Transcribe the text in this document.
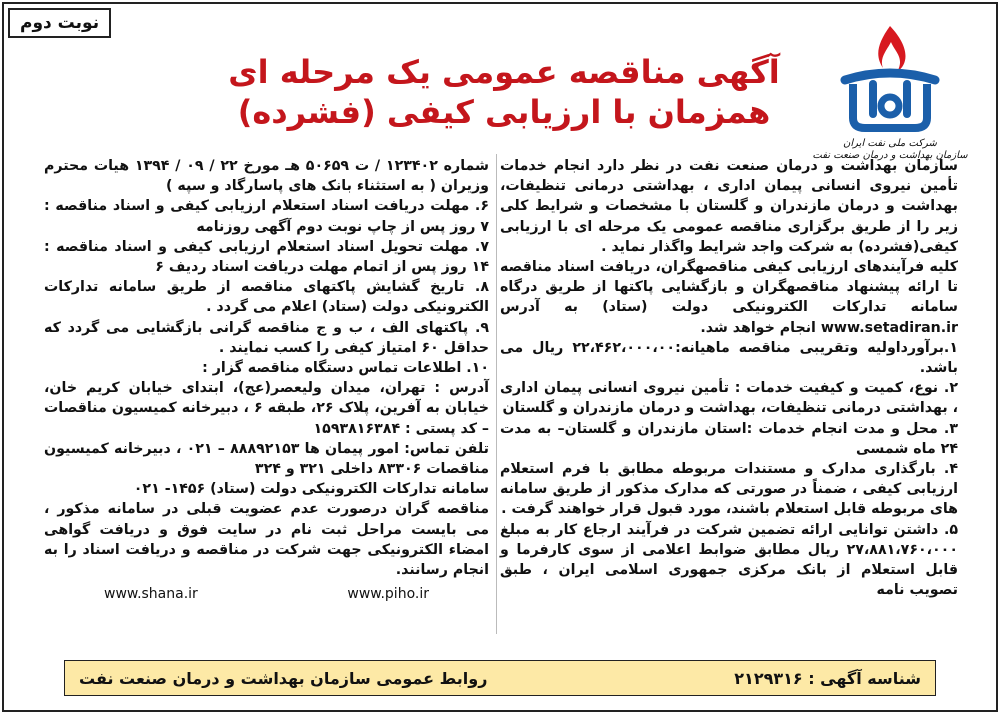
نوبت دوم
شرکت ملی نفت ایران
سازمان بهداشت و درمان صنعت نفت
آگهی مناقصه عمومی یک مرحله ای
همزمان با ارزیابی کیفی (فشرده)

سازمان بهداشت و درمان صنعت نفت در نظر دارد انجام خدمات تأمین نیروی انسانی پیمان اداری ، بهداشتی درمانی تنظیفات، بهداشت و درمان مازندران و گلستان با مشخصات و شرایط کلی زیر را از طریق برگزاری مناقصه عمومی یک مرحله ای با ارزیابی کیفی(فشرده) به شرکت واجد شرایط واگذار نماید .

کلیه فرآیندهای ارزیابی کیفی مناقصهگران، دریافت اسناد مناقصه تا ارائه پیشنهاد مناقصهگران و بازگشایی پاکتها از طریق درگاه سامانه تدارکات الکترونیکی دولت (ستاد) به آدرس www.setadiran.ir انجام خواهد شد.

۱.برآورداولیه وتقریبی مناقصه ماهیانه:۲۲،۴۶۲،۰۰۰،۰۰ ریال می باشد.

۲. نوع، کمیت و کیفیت خدمات : تأمین نیروی انسانی پیمان اداری ، بهداشتی درمانی تنظیفات، بهداشت و درمان مازندران و گلستان

۳. محل و مدت انجام خدمات :استان مازندران و گلستان– به مدت ۲۴ ماه شمسی

۴. بارگذاری مدارک و مستندات مربوطه مطابق با فرم استعلام ارزیابی کیفی ، ضمناً در صورتی که مدارک مذکور از طریق سامانه های مربوطه قابل استعلام باشند، مورد قبول قرار خواهند گرفت .

۵. داشتن توانایی ارائه تضمین شرکت در فرآیند ارجاع کار به مبلغ ۲۷،۸۸۱،۷۶۰،۰۰۰ ریال مطابق ضوابط اعلامی از سوی کارفرما و قابل استعلام از بانک مرکزی جمهوری اسلامی ایران ، طبق تصویب نامه

شماره ۱۲۳۴۰۲ / ت ۵۰۶۵۹ هـ مورخ ۲۲ / ۰۹ / ۱۳۹۴ هیات محترم وزیران ( به استثناء بانک های پاسارگاد و سپه )

۶. مهلت دریافت اسناد استعلام ارزیابی کیفی و اسناد مناقصه : ۷ روز پس از چاپ نوبت دوم آگهی روزنامه

۷. مهلت تحویل اسناد استعلام ارزیابی کیفی و اسناد مناقصه : ۱۴ روز پس از اتمام مهلت دریافت اسناد ردیف ۶

۸. تاریخ گشایش پاکتهای مناقصه از طریق سامانه تدارکات الکترونیکی دولت (ستاد) اعلام می گردد .

۹. پاکتهای الف ، ب و ج مناقصه گرانی بازگشایی می گردد که حداقل ۶۰ امتیاز کیفی را کسب نمایند .

۱۰. اطلاعات تماس دستگاه مناقصه گزار :

آدرس : تهران، میدان ولیعصر(عج)، ابتدای خیابان کریم خان، خیابان به آفرین، پلاک ۲۶، طبقه ۶ ، دبیرخانه کمیسیون مناقصات – کد پستی : ۱۵۹۳۸۱۶۳۸۴

تلفن تماس: امور پیمان ها ۸۸۸۹۲۱۵۳ – ۰۲۱ ، دبیرخانه کمیسیون مناقصات ۸۳۳۰۶ داخلی ۳۲۱ و ۳۲۴

سامانه تدارکات الکترونیکی دولت (ستاد) ۱۴۵۶- ۰۲۱

مناقصه گران درصورت عدم عضویت قبلی در سامانه مذکور ، می بایست مراحل ثبت نام در سایت فوق و دریافت گواهی امضاء الکترونیکی جهت شرکت در مناقصه و دریافت اسناد را به انجام رسانند.

www.shana.ir	www.piho.ir
شناسه آگهی : ۲۱۲۹۳۱۶
روابط عمومی سازمان بهداشت و درمان صنعت نفت
